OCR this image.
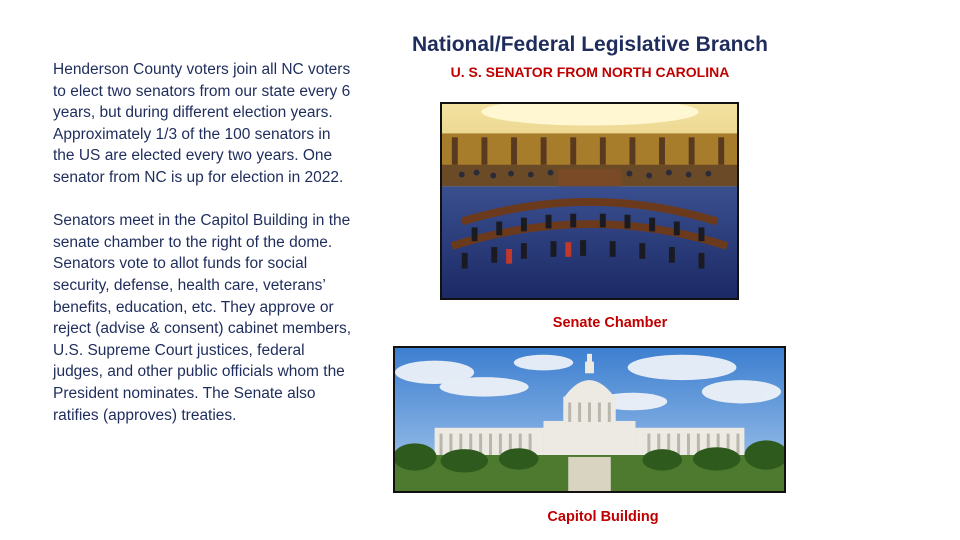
National/Federal Legislative Branch
U. S. SENATOR FROM NORTH CAROLINA

Henderson County voters join all NC voters to elect two senators from our state every 6 years, but during different election years. Approximately 1/3 of the 100 senators in the US are elected every two years. One senator from NC is up for election in 2022.

Senators meet in the Capitol Building in the senate chamber to the right of the dome. Senators vote to allot funds for social security, defense, health care, veterans’ benefits, education, etc. They approve or reject (advise & consent) cabinet members, U.S. Supreme Court justices, federal judges, and other public officials whom the President nominates. The Senate also ratifies (approves) treaties.

Senate Chamber
Capitol Building
